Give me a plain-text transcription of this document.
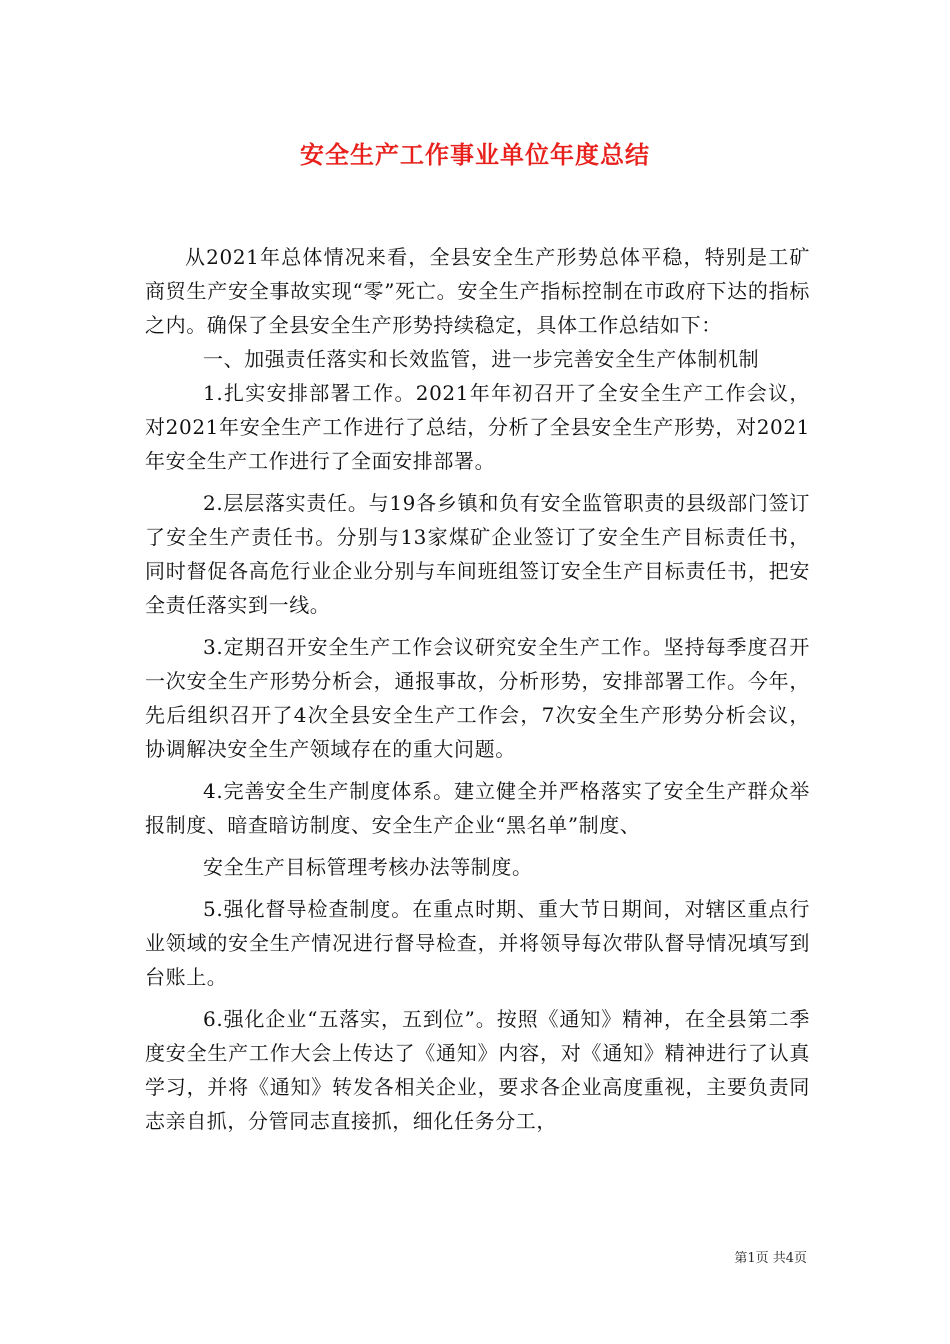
安全生产工作事业单位年度总结

从2021年总体情况来看，全县安全生产形势总体平稳，特别是工矿商贸生产安全事故实现“零”死亡。安全生产指标控制在市政府下达的指标之内。确保了全县安全生产形势持续稳定，具体工作总结如下：

一、加强责任落实和长效监管，进一步完善安全生产体制机制

1.扎实安排部署工作。2021年年初召开了全安全生产工作会议，对2021年安全生产工作进行了总结，分析了全县安全生产形势，对2021年安全生产工作进行了全面安排部署。

2.层层落实责任。与19各乡镇和负有安全监管职责的县级部门签订了安全生产责任书。分别与13家煤矿企业签订了安全生产目标责任书，同时督促各高危行业企业分别与车间班组签订安全生产目标责任书，把安全责任落实到一线。

3.定期召开安全生产工作会议研究安全生产工作。坚持每季度召开一次安全生产形势分析会，通报事故，分析形势，安排部署工作。今年，先后组织召开了4次全县安全生产工作会，7次安全生产形势分析会议，协调解决安全生产领域存在的重大问题。

4.完善安全生产制度体系。建立健全并严格落实了安全生产群众举报制度、暗查暗访制度、安全生产企业“黑名单”制度、

安全生产目标管理考核办法等制度。

5.强化督导检查制度。在重点时期、重大节日期间，对辖区重点行业领域的安全生产情况进行督导检查，并将领导每次带队督导情况填写到台账上。

6.强化企业“五落实，五到位”。按照《通知》精神，在全县第二季度安全生产工作大会上传达了《通知》内容，对《通知》精神进行了认真学习，并将《通知》转发各相关企业，要求各企业高度重视，主要负责同志亲自抓，分管同志直接抓，细化任务分工，

第1页 共4页
